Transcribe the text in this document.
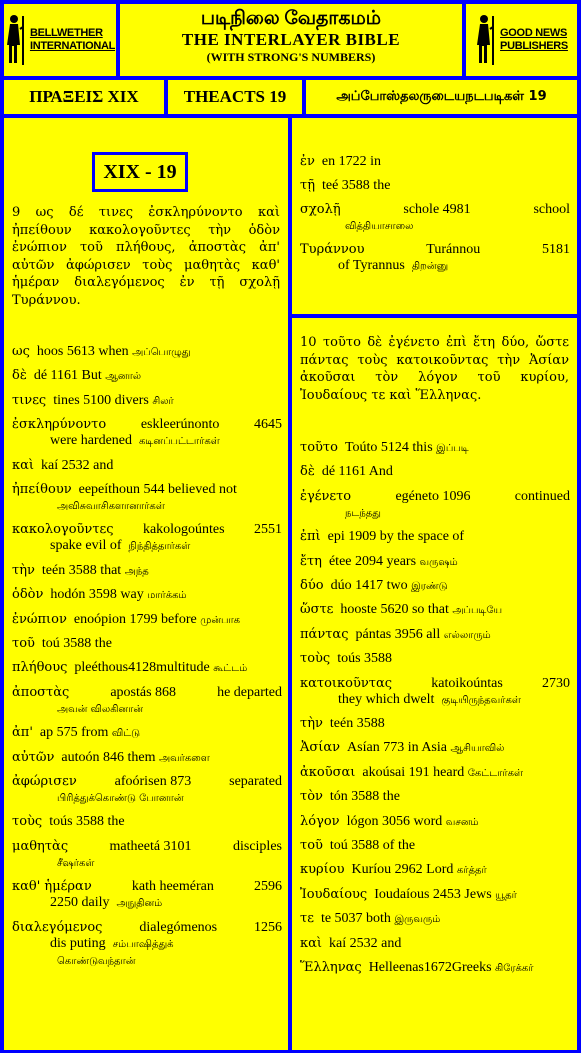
BELLWETHER
INTERNATIONAL
படிநிலை வேதாகமம்
THE INTERLAYER BIBLE
(WITH STRONG'S NUMBERS)
GOOD NEWS
PUBLISHERS
ΠΡΑΞΕΙΣ XIX	THEACTS 19	அப்போஸ்தலருடையநடபடிகள் 19
XIX - 19
9 ως δέ τινες ἐσκληρύνοντο καὶ ἠπείθουν κακολογοῦντες τὴν ὁδὸν ἐνώπιον τοῦ πλήθους, ἀποστὰς ἀπ' αὐτῶν ἀφώρισεν τοὺς μαθητὰς καθ' ἡμέραν διαλεγόμενος ἐν τῇ σχολῇ Τυράννου.
ως hoos 5613 when அப்பொழுது
δὲ dé 1161 But ஆனால்
τινες tines 5100 divers சிலர்
ἐσκληρύνοντο eskleerúnonto 4645
were hardened கடினப்பட்டார்கள்
καὶ kaí 2532 and
ἠπείθουν eepeíthoun 544 believed not
அவிசுவாசிகளானார்கள்
κακολογοῦντες kakologoúntes 2551
spake evil of நிந்தித்தார்கள்
τὴν teén 3588 that அந்த
ὁδὸν hodón 3598 way மார்க்கம்
ἐνώπιον enoópion 1799 before முன்பாக
τοῦ toú 3588 the
πλήθους pleéthous4128multitude கூட்டம்
ἀποστὰς	apostás 868	he departed
அவன் விலகினான்
ἀπ' ap 575 from விட்டு
αὐτῶν autoón 846 them அவர்களை
ἀφώρισεν	afoórisen 873	separated
பிரித்துக்கொண்டு போனான்
τοὺς toús 3588 the
μαθητὰς	matheetá 3101	disciples
சீஷர்கள்
καθ' ἡμέραν	kath heeméran	2596
2250 daily அநுதினம்
διαλεγόμενος	dialegómenos	1256
dis puting சம்பாஷித்துக்
கொண்டுவந்தான்
ἐν en 1722 in
τῇ teé 3588 the
σχολῇ	schole 4981	school
வித்தியாசாலை
Τυράννου	Turánnou	5181
of Tyrannus திறன்னு
10 τοῦτο δὲ ἐγένετο ἐπὶ ἔτη δύο, ὥστε πάντας τοὺς κατοικοῦντας τὴν Ἀσίαν ἀκοῦσαι τὸν λόγον τοῦ κυρίου, Ἰουδαίους τε καὶ Ἕλληνας.
τοῦτο Toúto 5124 this இப்படி
δὲ dé 1161 And
ἐγένετο	egéneto 1096	continued
நடந்தது
ἐπὶ epi 1909 by the space of
ἔτη étee 2094 years வருஷம்
δύο dúo 1417 two இரண்டு
ὥστε hooste 5620 so that அப்படியே
πάντας pántas 3956 all எல்லாரும்
τοὺς toús 3588
κατοικοῦντας	katoikoúntas	2730
they which dwelt குடியிருந்தவர்கள்
τὴν teén 3588
Ἀσίαν Asían 773 in Asia ஆசியாவில்
ἀκοῦσαι akoúsai 191 heard கேட்டார்கள்
τὸν tón 3588 the
λόγον lógon 3056 word வசனம்
τοῦ toú 3588 of the
κυρίου Kuríou 2962 Lord கர்த்தர்
Ἰουδαίους Ioudaíous 2453 Jews யூதர்
τε te 5037 both இருவரும்
καὶ kaí 2532 and
Ἕλληνας Helleenas1672Greeks கிரேக்கர்
